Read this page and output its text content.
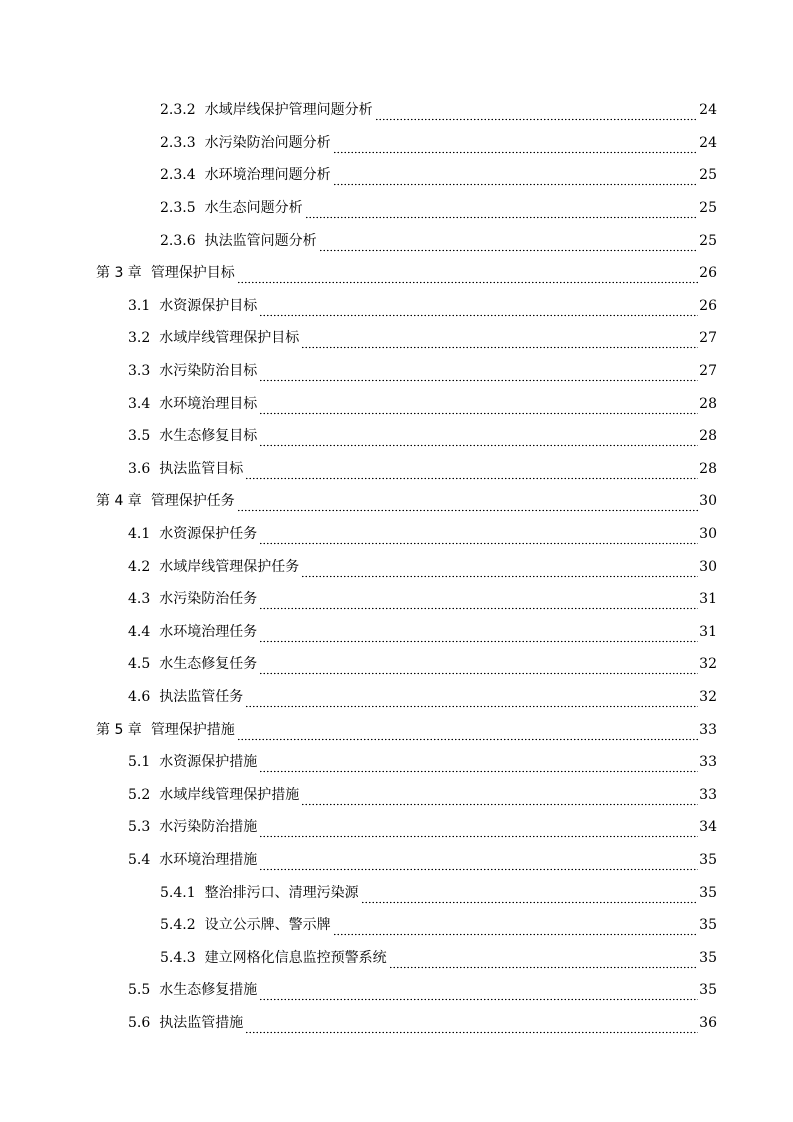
2.3.2 水域岸线保护管理问题分析	24
2.3.3 水污染防治问题分析	24
2.3.4 水环境治理问题分析	25
2.3.5 水生态问题分析	25
2.3.6 执法监管问题分析	25
第 3 章 管理保护目标	26
3.1 水资源保护目标	26
3.2 水域岸线管理保护目标	27
3.3 水污染防治目标	27
3.4 水环境治理目标	28
3.5 水生态修复目标	28
3.6 执法监管目标	28
第 4 章 管理保护任务	30
4.1 水资源保护任务	30
4.2 水域岸线管理保护任务	30
4.3 水污染防治任务	31
4.4 水环境治理任务	31
4.5 水生态修复任务	32
4.6 执法监管任务	32
第 5 章 管理保护措施	33
5.1 水资源保护措施	33
5.2 水域岸线管理保护措施	33
5.3 水污染防治措施	34
5.4 水环境治理措施	35
5.4.1 整治排污口、清理污染源	35
5.4.2 设立公示牌、警示牌	35
5.4.3 建立网格化信息监控预警系统	35
5.5 水生态修复措施	35
5.6 执法监管措施	36
